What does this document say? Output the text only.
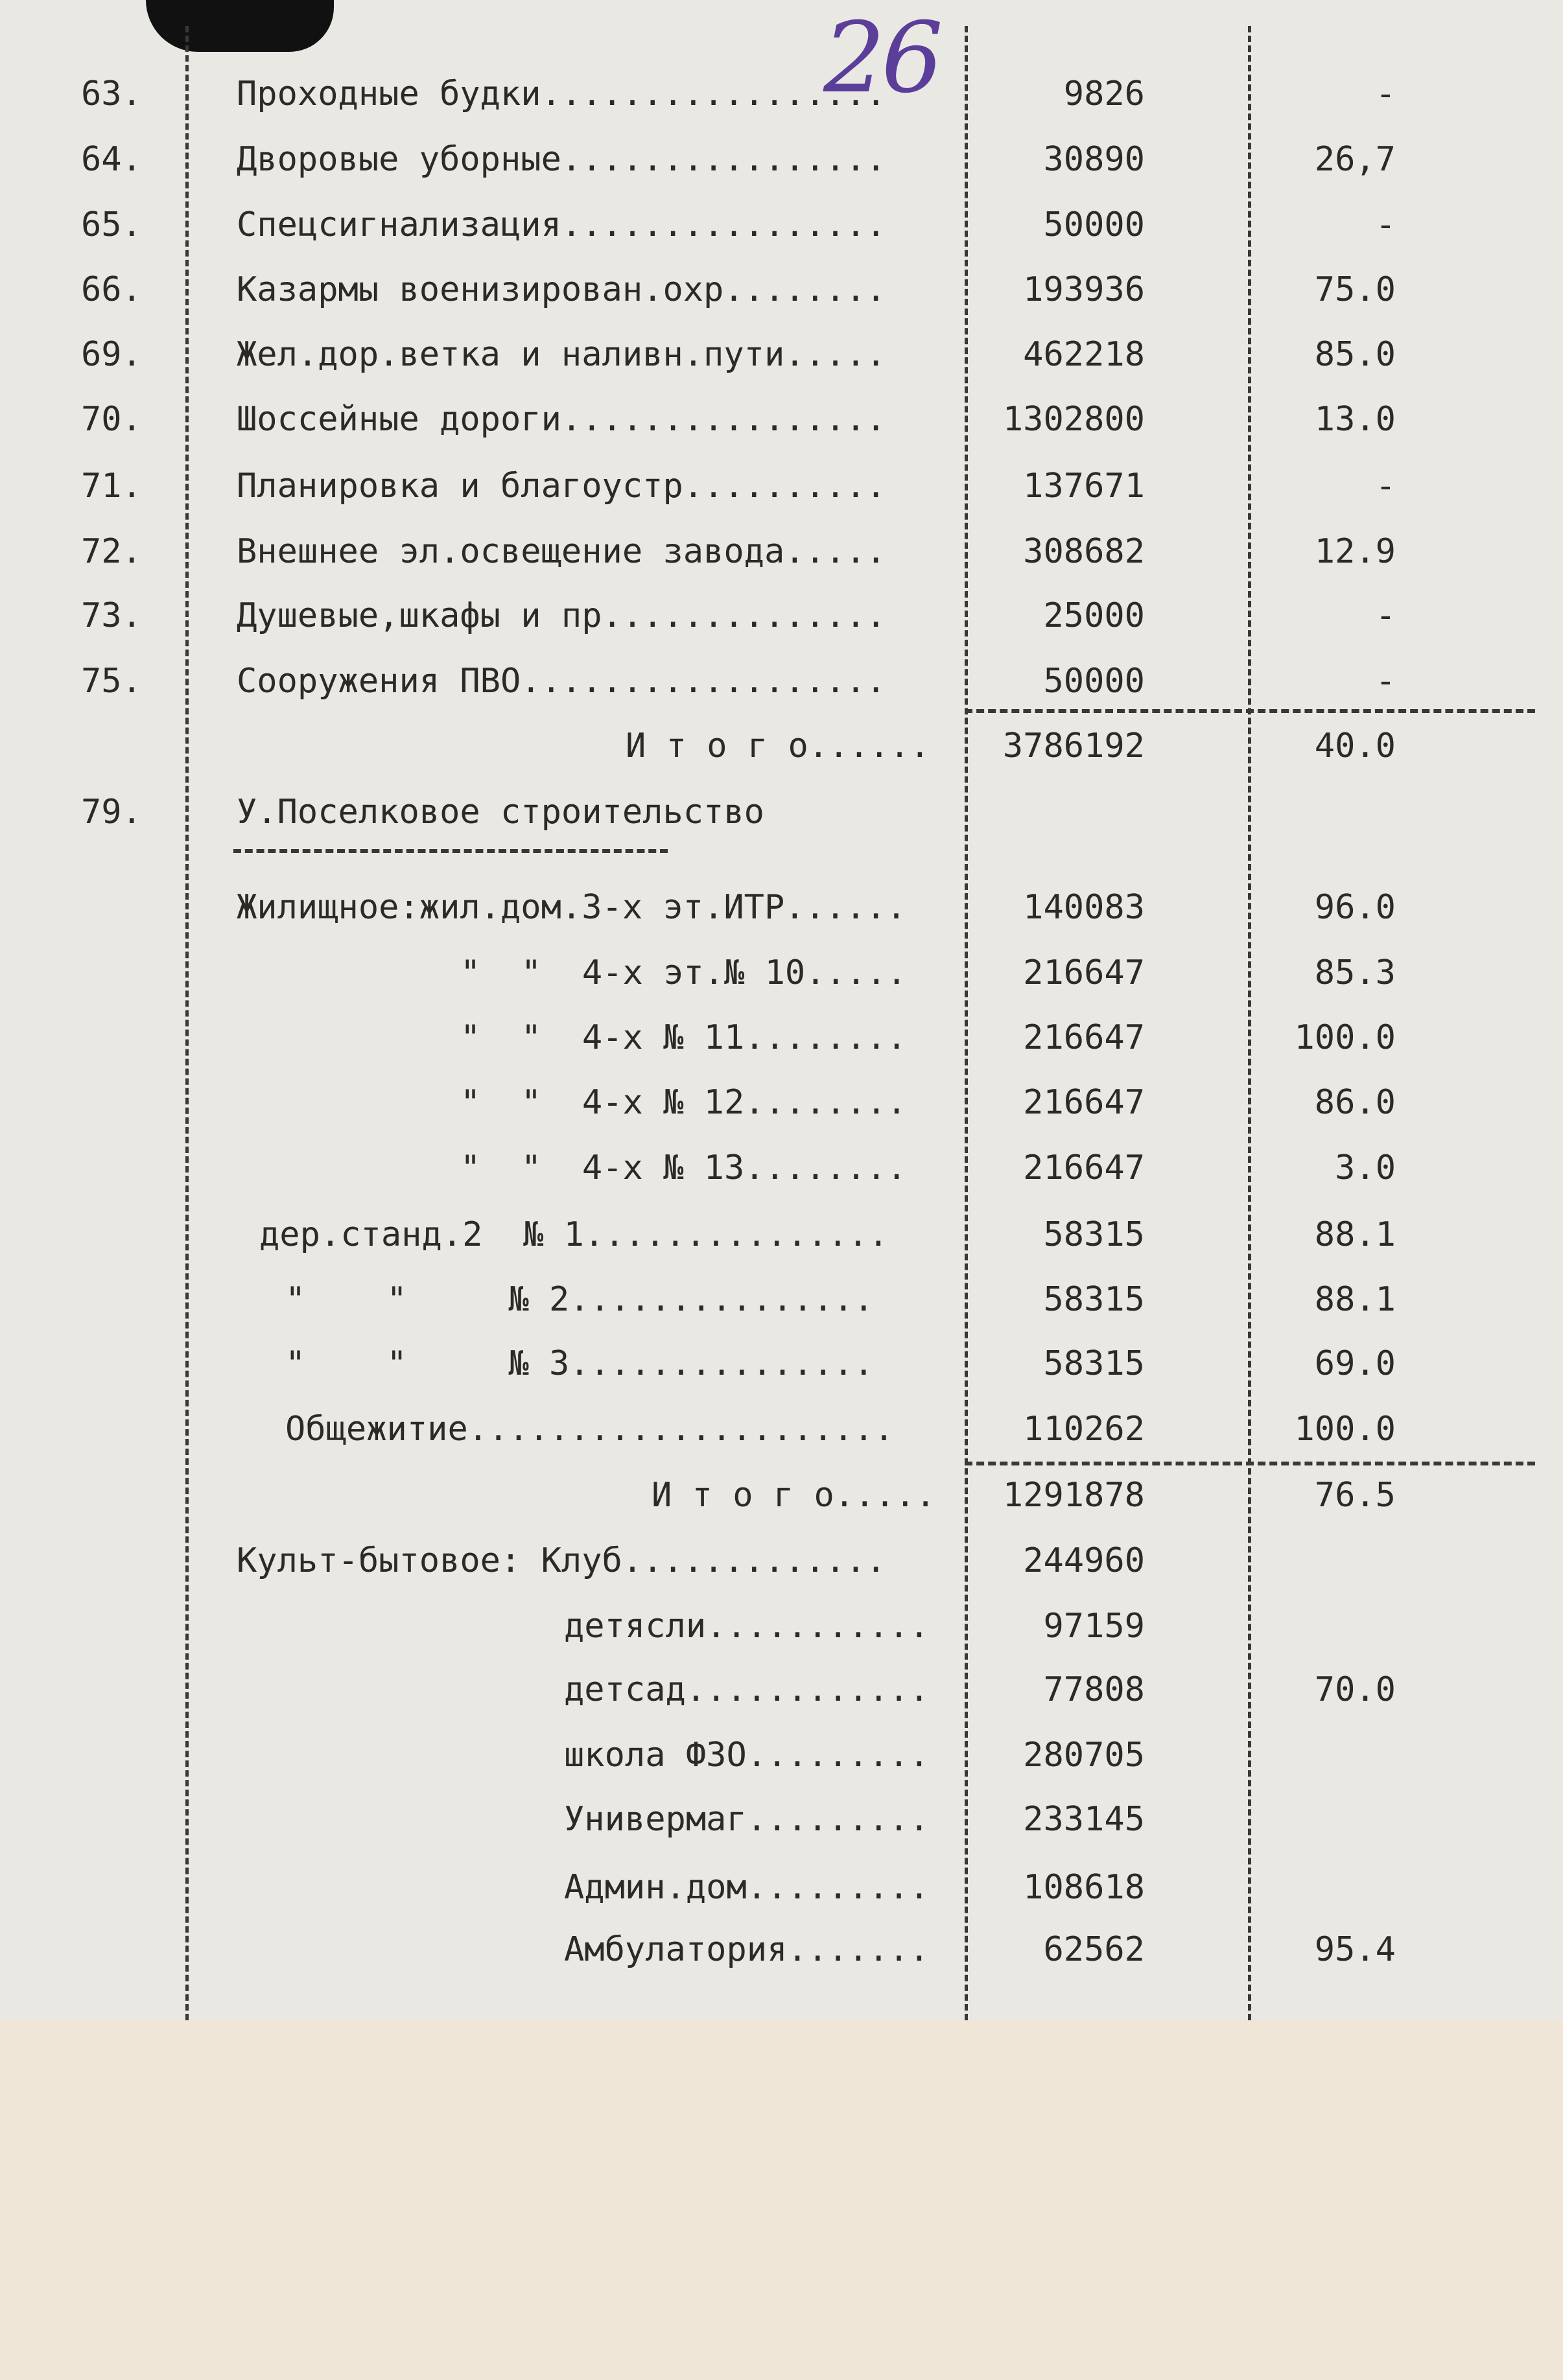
26
63.	Проходные будки.................	9826	-
64.	Дворовые уборные................	30890	26,7
65.	Спецсигнализация................	50000	-
66.	Казармы военизирован.охр........	193936	75.0
69.	Жел.дор.ветка и наливн.пути.....	462218	85.0
70.	Шоссейные дороги................	1302800	13.0
71.	Планировка и благоустр..........	137671	-
72.	Внешнее эл.освещение завода.....	308682	12.9
73.	Душевые,шкафы и пр..............	25000	-
75.	Сооружения ПВО..................	50000	-
И т о г о...... 3786192	40.0
79.	У.Поселковое строительство
Жилищное:жил.дом.3-х эт.ИТР......	140083	96.0
"  "  4-х эт.№ 10.....	216647	85.3
"  "  4-х № 11........	216647	100.0
"  "  4-х № 12........	216647	86.0
"  "  4-х № 13........	216647	3.0
дер.станд.2  № 1...............	58315	88.1
"    "     № 2...............	58315	88.1
"    "     № 3...............	58315	69.0
Общежитие.....................	110262	100.0
И т о г о..... 1291878	76.5
Культ-бытовое: Клуб.............	244960
детясли...........	97159
детсад............	77808	70.0
школа ФЗО.........	280705
Универмаг.........	233145
Админ.дом.........	108618
Амбулатория.......	62562	95.4
